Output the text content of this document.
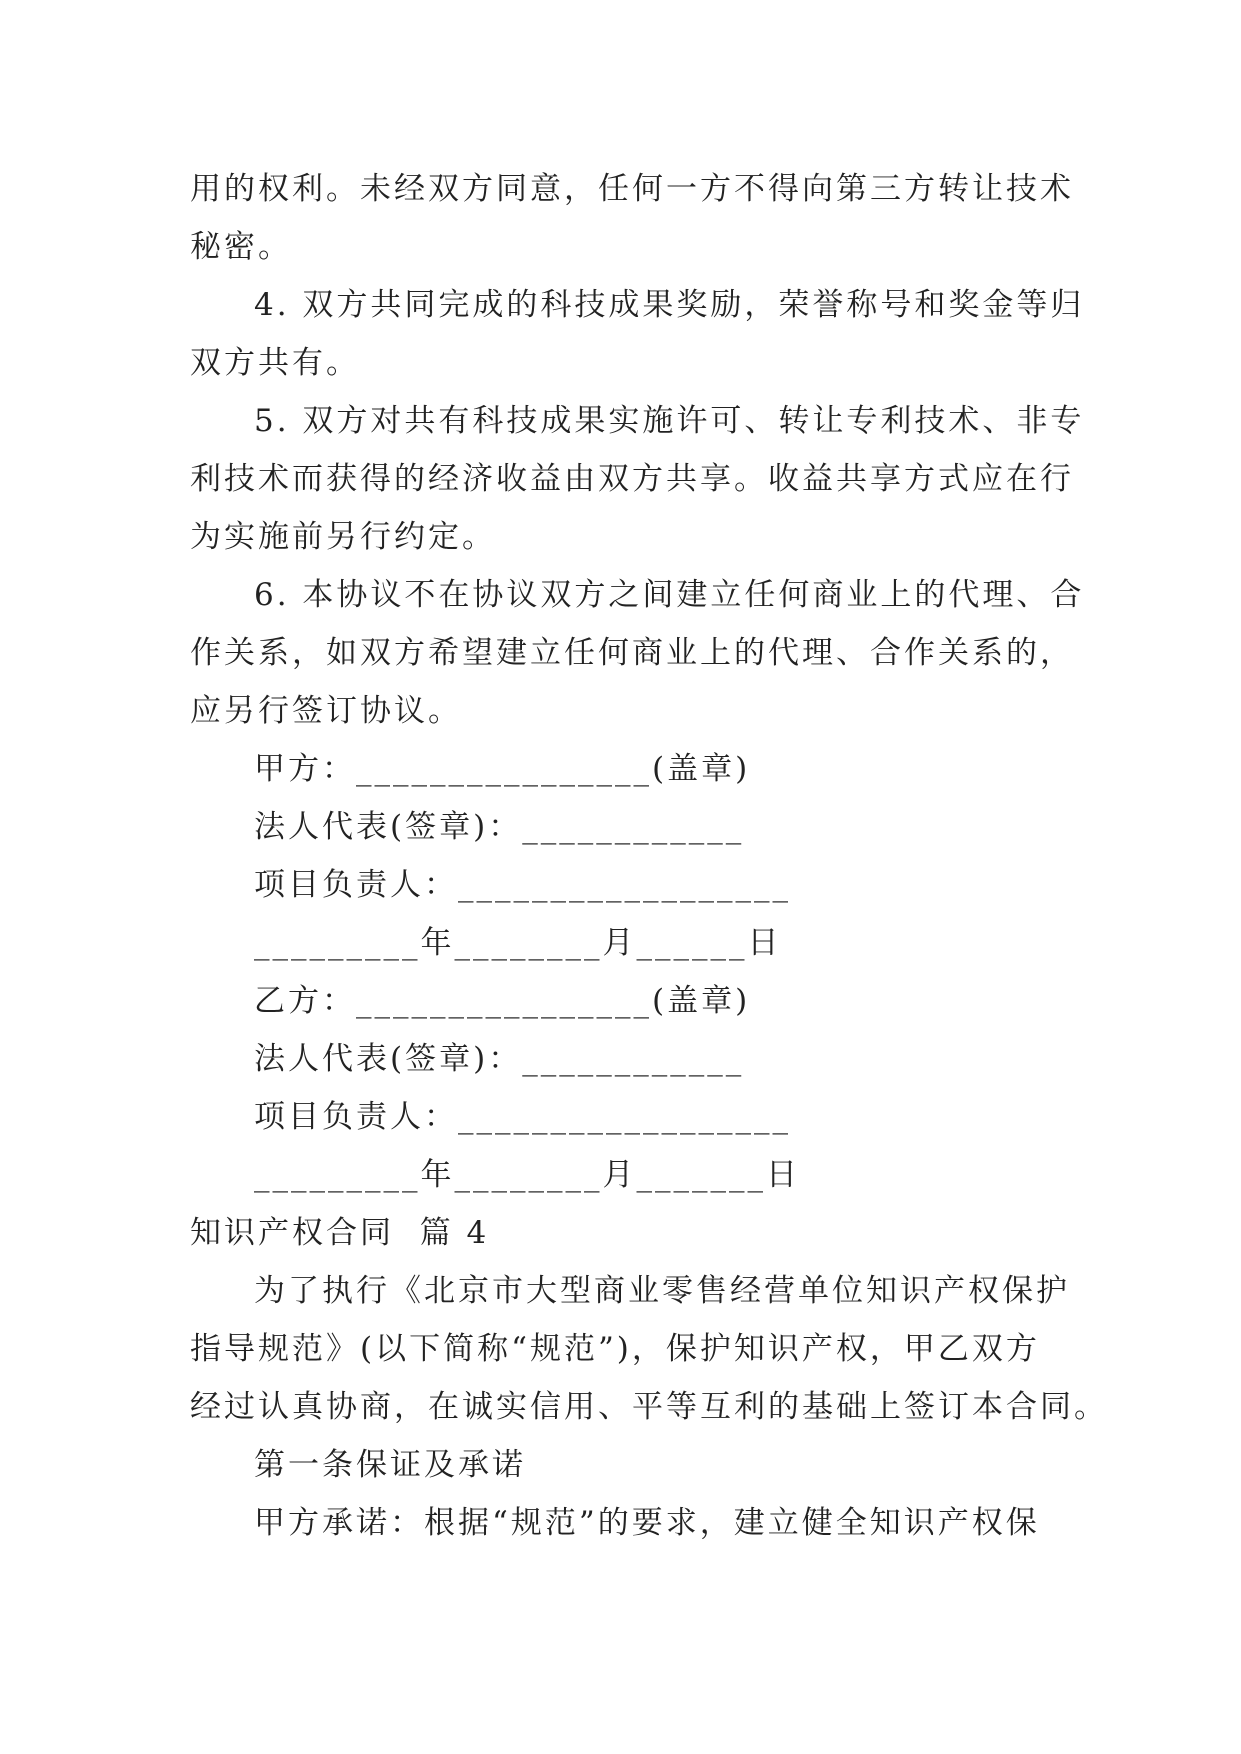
用的权利。未经双方同意，任何一方不得向第三方转让技术

秘密。

4. 双方共同完成的科技成果奖励，荣誉称号和奖金等归

双方共有。

5. 双方对共有科技成果实施许可、转让专利技术、非专

利技术而获得的经济收益由双方共享。收益共享方式应在行

为实施前另行约定。

6. 本协议不在协议双方之间建立任何商业上的代理、合

作关系，如双方希望建立任何商业上的代理、合作关系的，

应另行签订协议。

甲方：________________(盖章)

法人代表(签章)：____________

项目负责人：__________________

_________年________月______日

乙方：________________(盖章)

法人代表(签章)：____________

项目负责人：__________________

_________年________月_______日

知识产权合同  篇 4

为了执行《北京市大型商业零售经营单位知识产权保护

指导规范》(以下简称“规范”)，保护知识产权，甲乙双方

经过认真协商，在诚实信用、平等互利的基础上签订本合同。

第一条保证及承诺

甲方承诺：根据“规范”的要求，建立健全知识产权保
